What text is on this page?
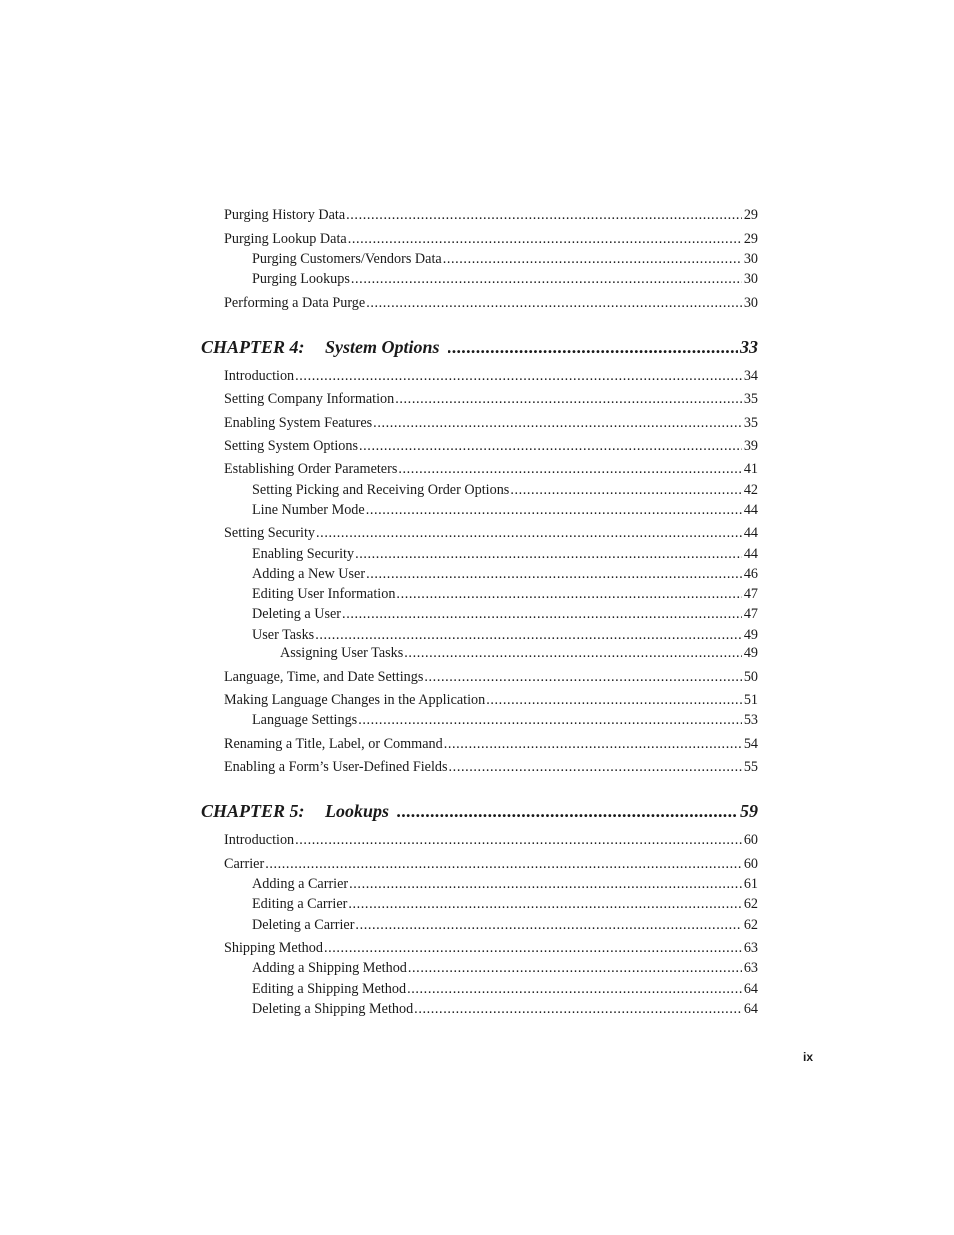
Purging History Data .....	29
Purging Lookup Data .....	29
Purging Customers/Vendors Data .....	30
Purging Lookups .....	30
Performing a Data Purge .....	30
CHAPTER 4:	System Options .....	33
Introduction .....	34
Setting Company Information .....	35
Enabling System Features .....	35
Setting System Options .....	39
Establishing Order Parameters .....	41
Setting Picking and Receiving Order Options .....	42
Line Number Mode .....	44
Setting Security .....	44
Enabling Security .....	44
Adding a New User .....	46
Editing User Information .....	47
Deleting a User .....	47
User Tasks .....	49
Assigning User Tasks .....	49
Language, Time, and Date Settings .....	50
Making Language Changes in the Application .....	51
Language Settings .....	53
Renaming a Title, Label, or Command .....	54
Enabling a Form’s User-Defined Fields .....	55
CHAPTER 5:	Lookups .....	59
Introduction .....	60
Carrier .....	60
Adding a Carrier .....	61
Editing a Carrier .....	62
Deleting a Carrier .....	62
Shipping Method .....	63
Adding a Shipping Method .....	63
Editing a Shipping Method .....	64
Deleting a Shipping Method .....	64
ix
